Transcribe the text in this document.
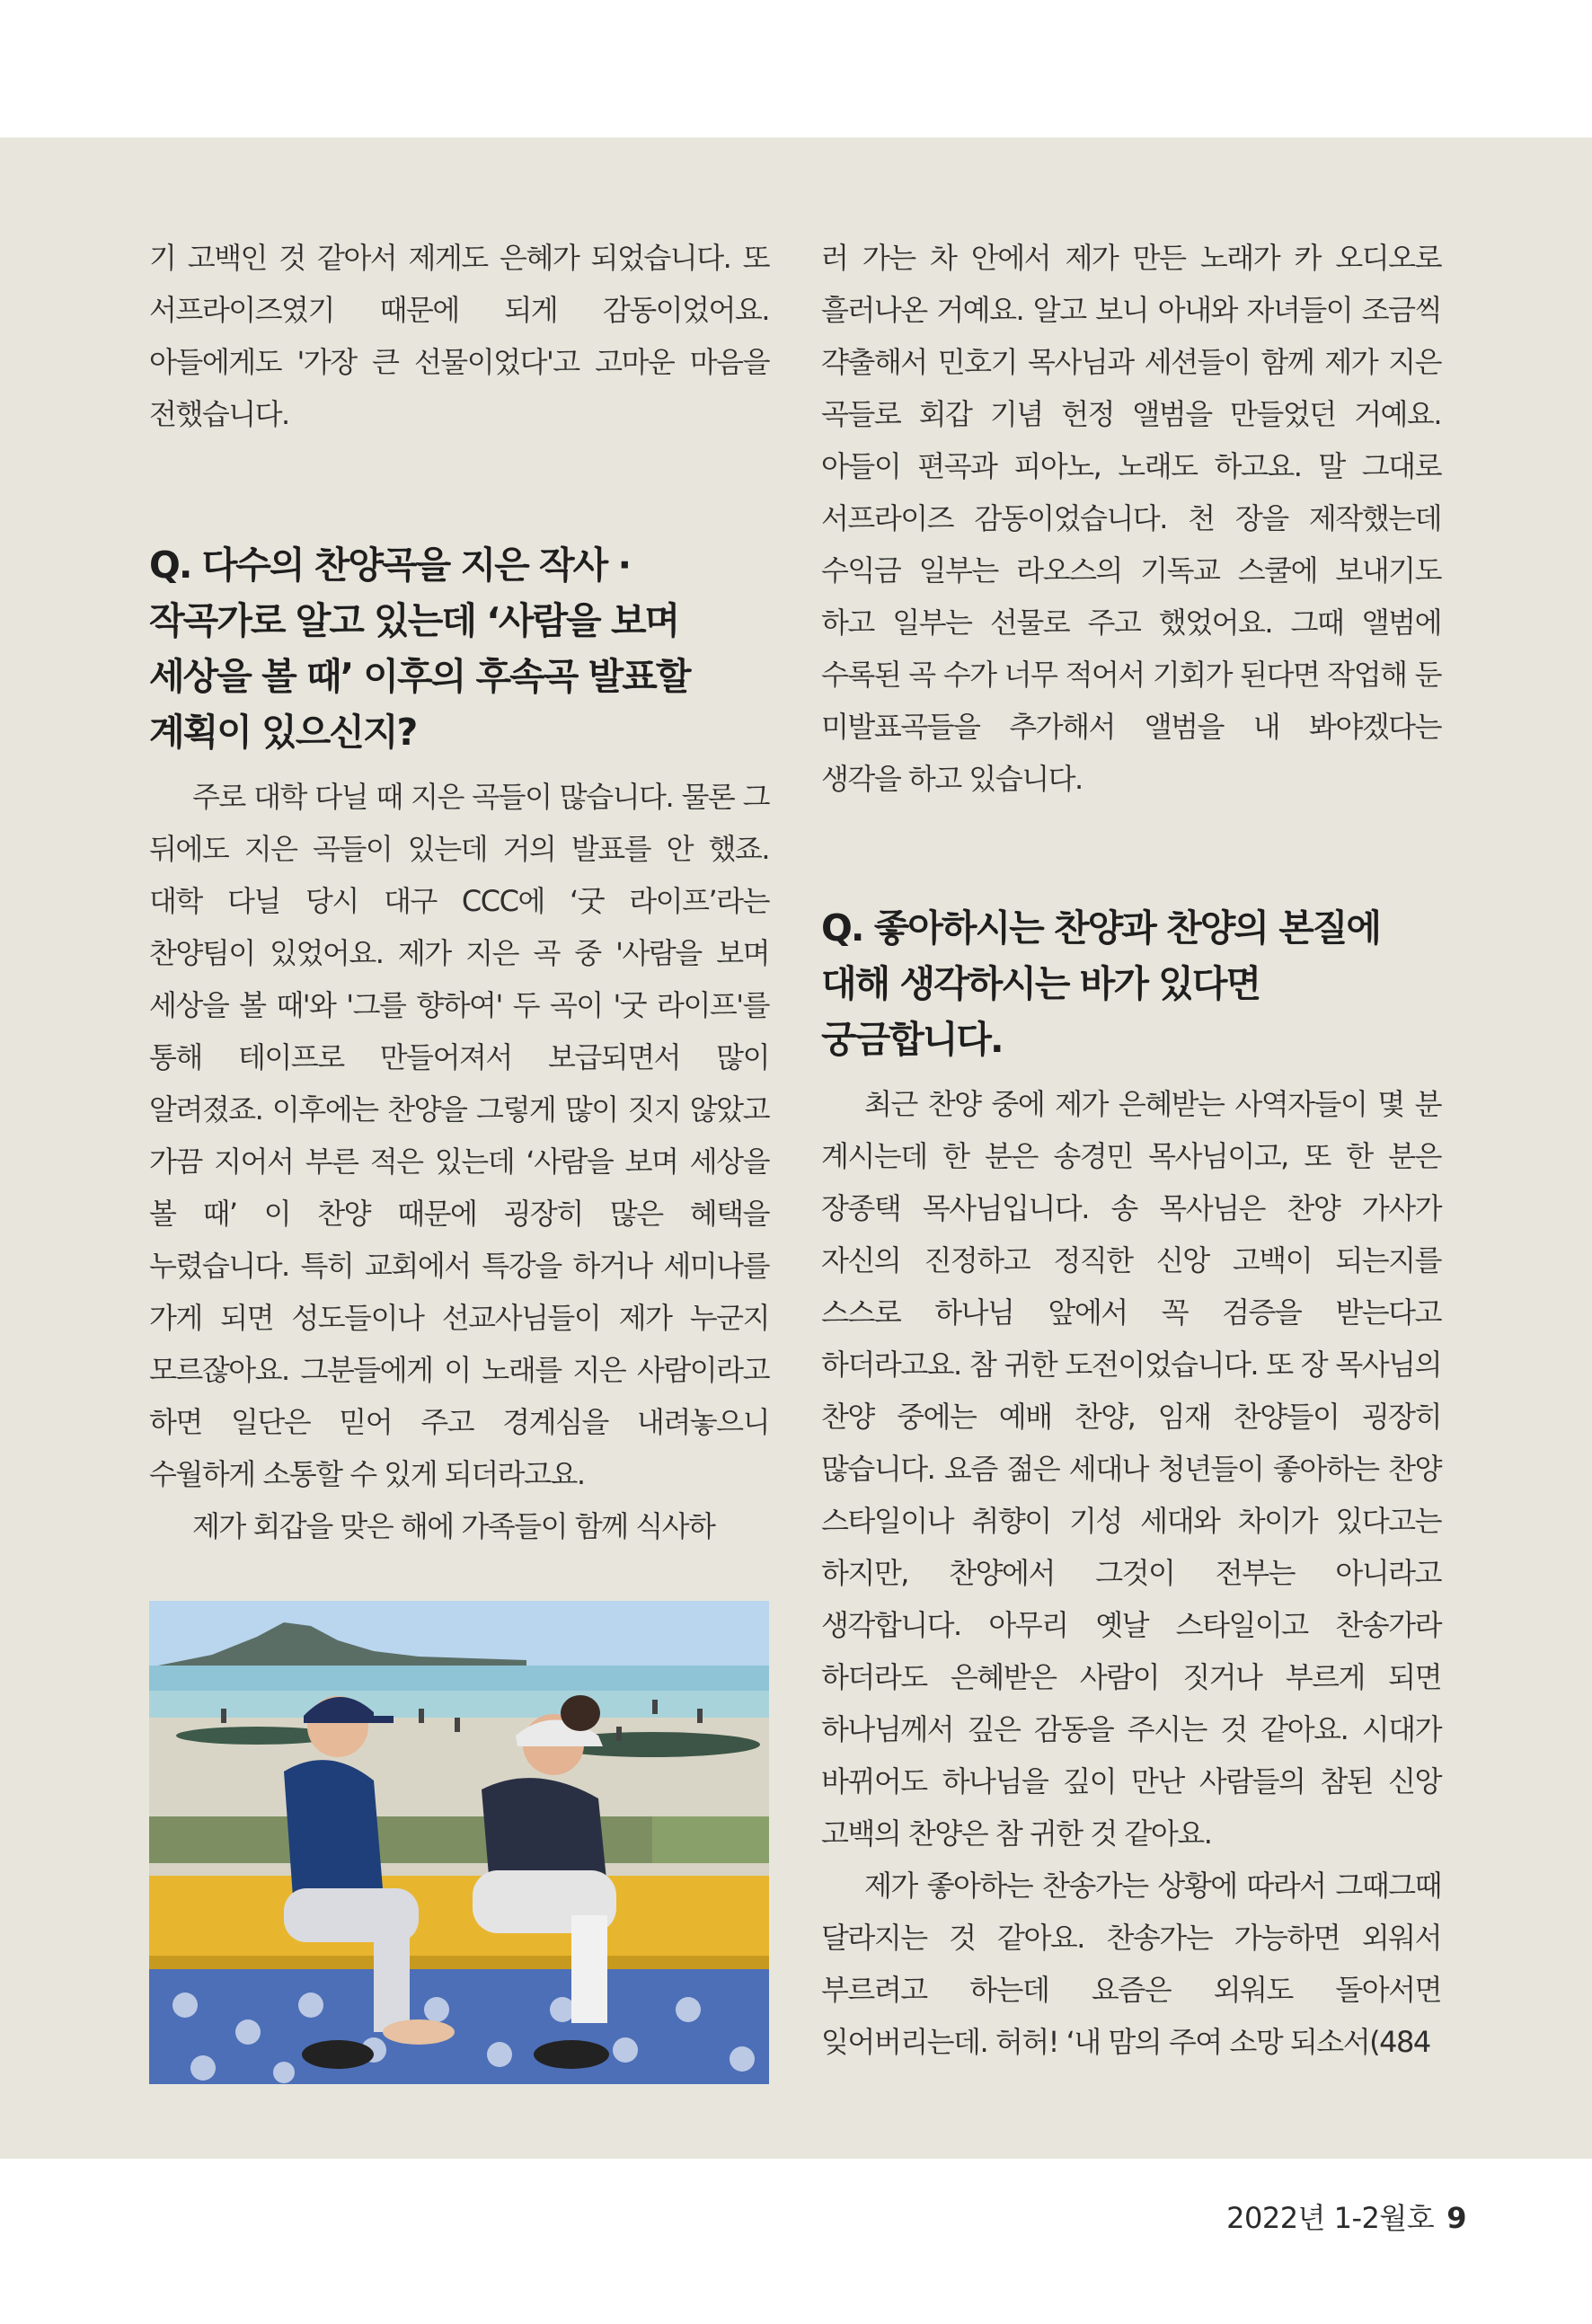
기 고백인 것 같아서 제게도 은혜가 되었습니다. 또 서프라이즈였기 때문에 되게 감동이었어요. 아들에게도 '가장 큰 선물이었다'고 고마운 마음을 전했습니다.

Q. 다수의 찬양곡을 지은 작사 · 작곡가로 알고 있는데 ‘사람을 보며 세상을 볼 때’ 이후의 후속곡 발표할 계획이 있으신지?

주로 대학 다닐 때 지은 곡들이 많습니다. 물론 그 뒤에도 지은 곡들이 있는데 거의 발표를 안 했죠. 대학 다닐 당시 대구 CCC에 ‘굿 라이프’라는 찬양팀이 있었어요. 제가 지은 곡 중 '사람을 보며 세상을 볼 때'와 '그를 향하여' 두 곡이 '굿 라이프'를 통해 테이프로 만들어져서 보급되면서 많이 알려졌죠. 이후에는 찬양을 그렇게 많이 짓지 않았고 가끔 지어서 부른 적은 있는데 ‘사람을 보며 세상을 볼 때’ 이 찬양 때문에 굉장히 많은 혜택을 누렸습니다. 특히 교회에서 특강을 하거나 세미나를 가게 되면 성도들이나 선교사님들이 제가 누군지 모르잖아요. 그분들에게 이 노래를 지은 사람이라고 하면 일단은 믿어 주고 경계심을 내려놓으니 수월하게 소통할 수 있게 되더라고요.

제가 회갑을 맞은 해에 가족들이 함께 식사하

러 가는 차 안에서 제가 만든 노래가 카 오디오로 흘러나온 거예요. 알고 보니 아내와 자녀들이 조금씩 갹출해서 민호기 목사님과 세션들이 함께 제가 지은 곡들로 회갑 기념 헌정 앨범을 만들었던 거예요. 아들이 편곡과 피아노, 노래도 하고요. 말 그대로 서프라이즈 감동이었습니다. 천 장을 제작했는데 수익금 일부는 라오스의 기독교 스쿨에 보내기도 하고 일부는 선물로 주고 했었어요. 그때 앨범에 수록된 곡 수가 너무 적어서 기회가 된다면 작업해 둔 미발표곡들을 추가해서 앨범을 내 봐야겠다는 생각을 하고 있습니다.

Q. 좋아하시는 찬양과 찬양의 본질에 대해 생각하시는 바가 있다면 궁금합니다.

최근 찬양 중에 제가 은혜받는 사역자들이 몇 분 계시는데 한 분은 송경민 목사님이고, 또 한 분은 장종택 목사님입니다. 송 목사님은 찬양 가사가 자신의 진정하고 정직한 신앙 고백이 되는지를 스스로 하나님 앞에서 꼭 검증을 받는다고 하더라고요. 참 귀한 도전이었습니다. 또 장 목사님의 찬양 중에는 예배 찬양, 임재 찬양들이 굉장히 많습니다. 요즘 젊은 세대나 청년들이 좋아하는 찬양 스타일이나 취향이 기성 세대와 차이가 있다고는 하지만, 찬양에서 그것이 전부는 아니라고 생각합니다. 아무리 옛날 스타일이고 찬송가라 하더라도 은혜받은 사람이 짓거나 부르게 되면 하나님께서 깊은 감동을 주시는 것 같아요. 시대가 바뀌어도 하나님을 깊이 만난 사람들의 참된 신앙 고백의 찬양은 참 귀한 것 같아요.

제가 좋아하는 찬송가는 상황에 따라서 그때그때 달라지는 것 같아요. 찬송가는 가능하면 외워서 부르려고 하는데 요즘은 외워도 돌아서면 잊어버리는데. 허허! ‘내 맘의 주여 소망 되소서(484

2022년 1-2월호 9
